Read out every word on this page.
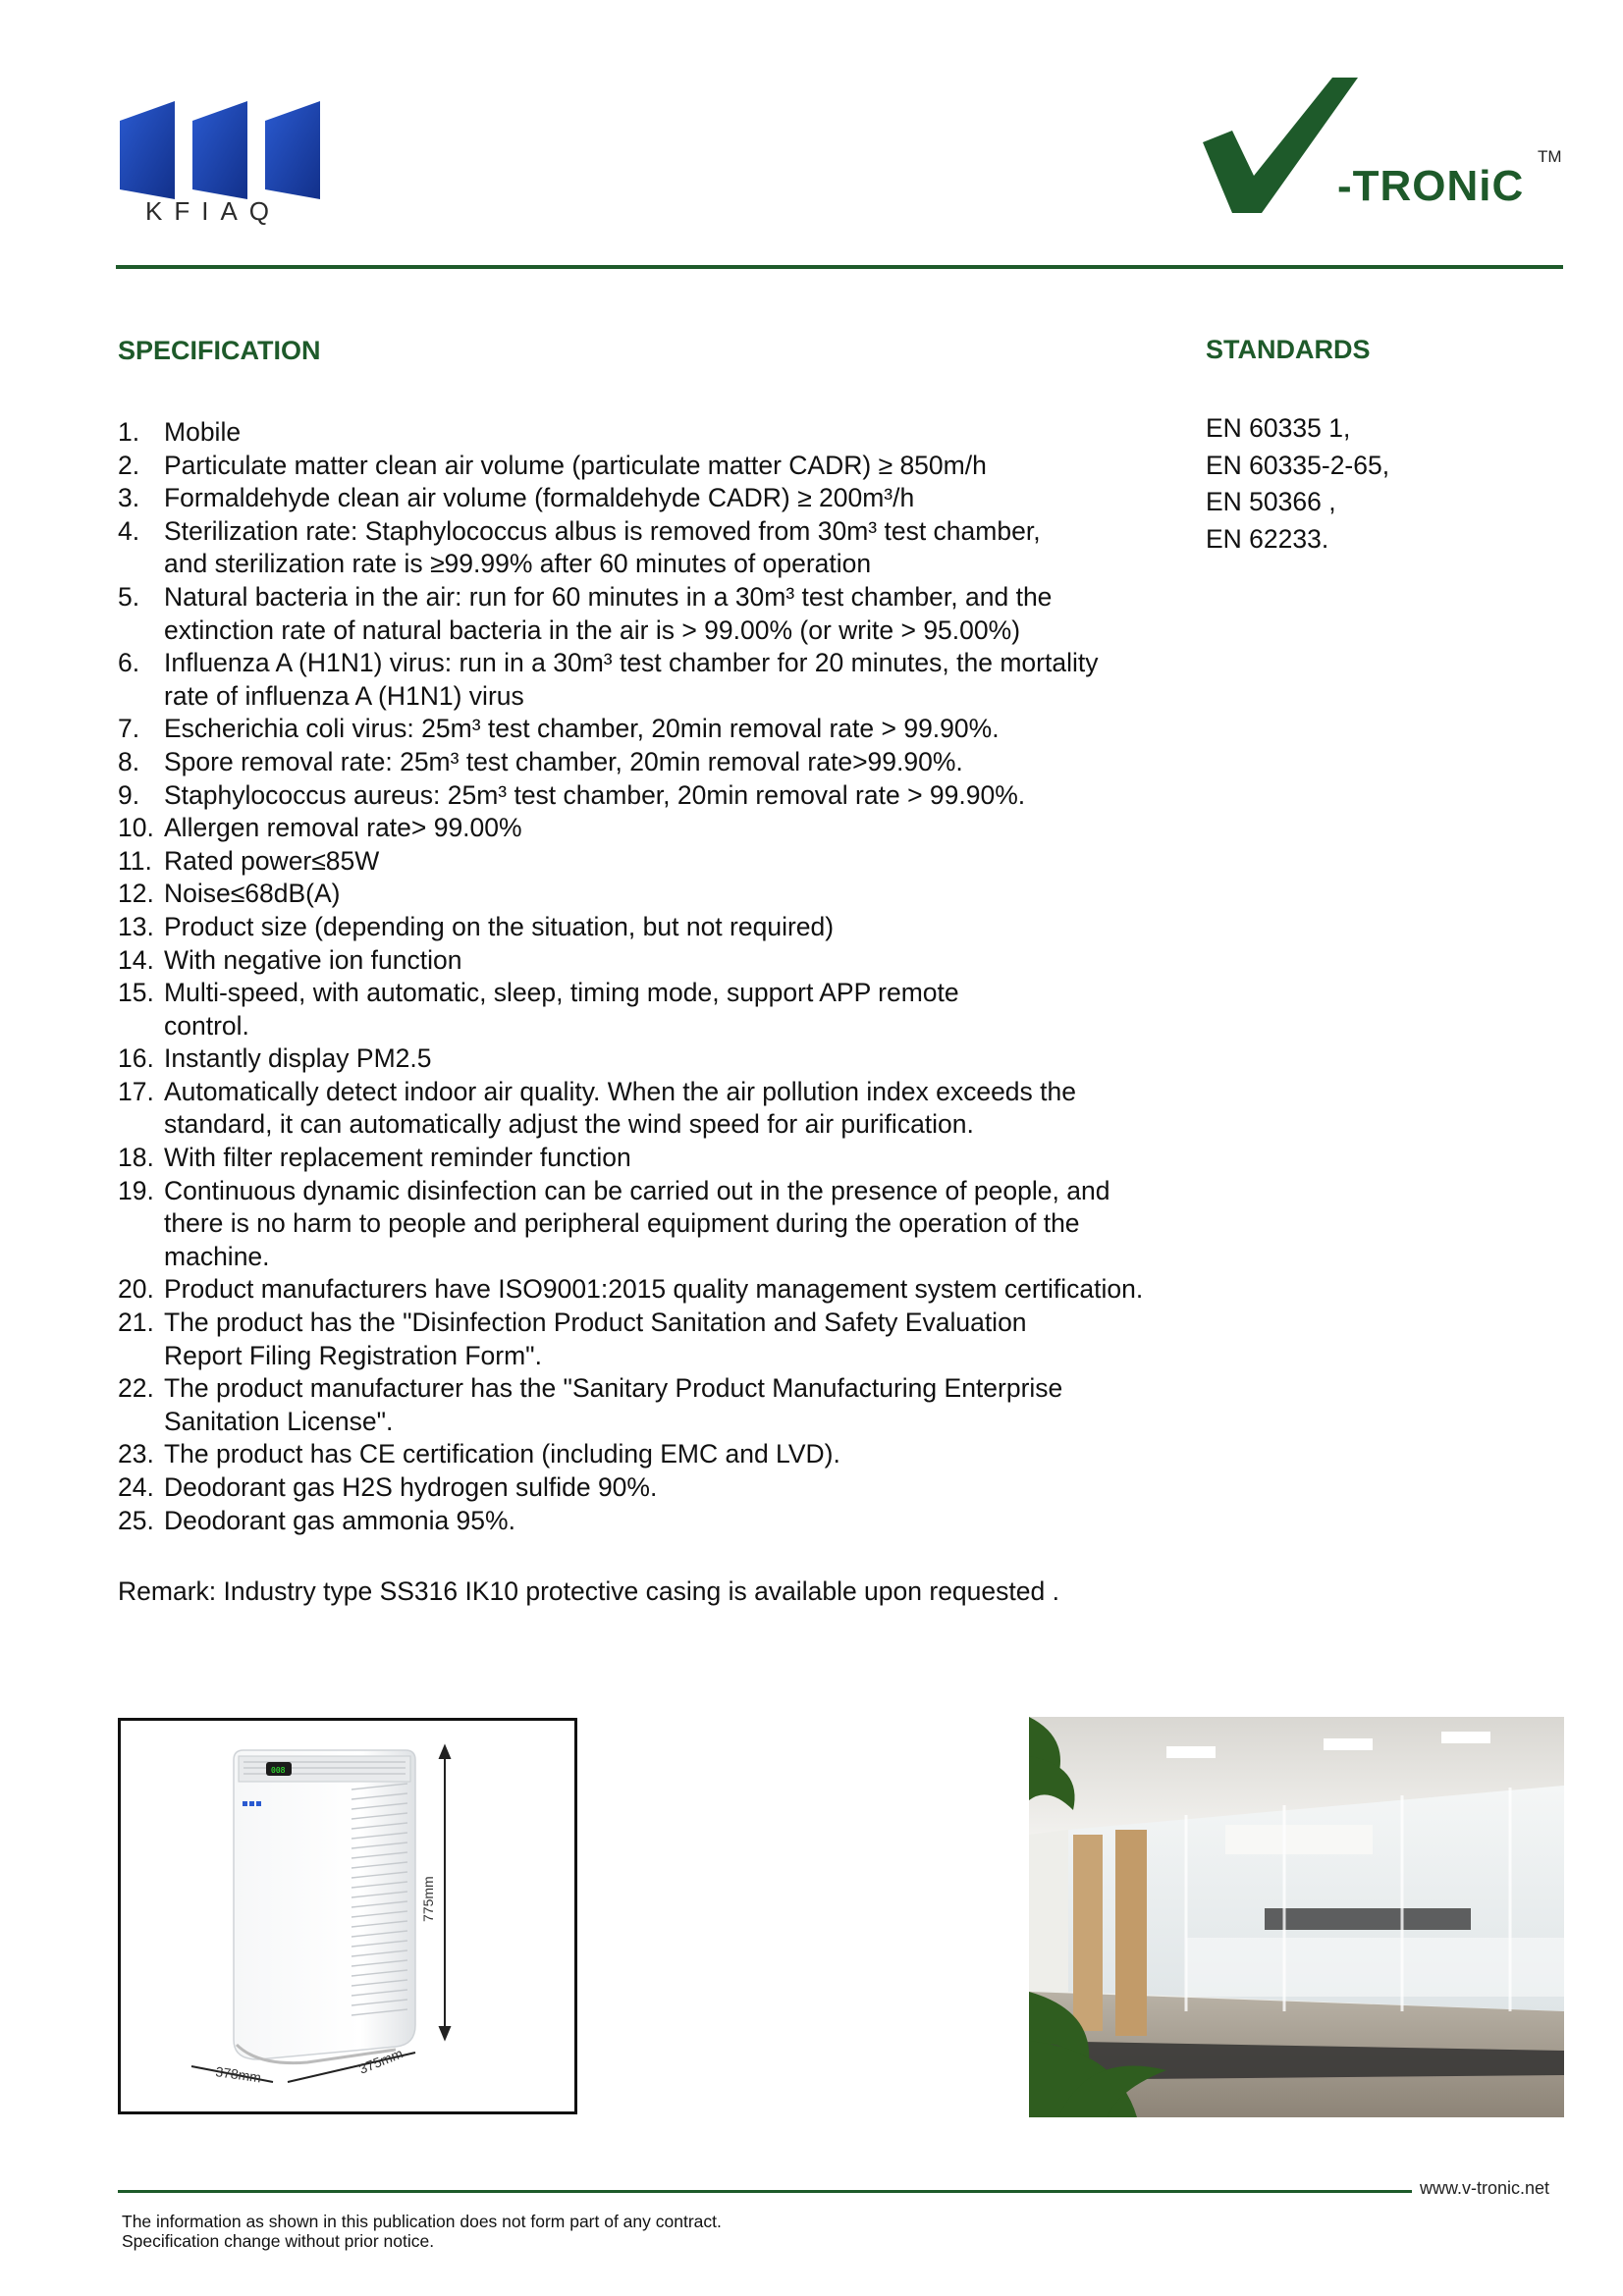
KFIAQ
-TRONiC
TM
SPECIFICATION	STANDARDS
1. Mobile
2. Particulate matter clean air volume (particulate matter CADR) ≥ 850m/h
3. Formaldehyde clean air volume (formaldehyde CADR) ≥ 200m³/h
4. Sterilization rate: Staphylococcus albus is removed from 30m³ test chamber,
and sterilization rate is ≥99.99% after 60 minutes of operation
5. Natural bacteria in the air: run for 60 minutes in a 30m³ test chamber, and the
extinction rate of natural bacteria in the air is > 99.00% (or write > 95.00%)
6. Influenza A (H1N1) virus: run in a 30m³ test chamber for 20 minutes, the mortality
rate of influenza A (H1N1) virus
7. Escherichia coli virus: 25m³ test chamber, 20min removal rate > 99.90%.
8. Spore removal rate: 25m³ test chamber, 20min removal rate>99.90%.
9. Staphylococcus aureus: 25m³ test chamber, 20min removal rate > 99.90%.
10. Allergen removal rate> 99.00%
11. Rated power≤85W
12. Noise≤68dB(A)
13. Product size (depending on the situation, but not required)
14. With negative ion function
15. Multi-speed, with automatic, sleep, timing mode, support APP remote
control.
16. Instantly display PM2.5
17. Automatically detect indoor air quality. When the air pollution index exceeds the
standard, it can automatically adjust the wind speed for air purification.
18. With filter replacement reminder function
19. Continuous dynamic disinfection can be carried out in the presence of people, and
there is no harm to people and peripheral equipment during the operation of the
machine.
20. Product manufacturers have ISO9001:2015 quality management system certification.
21. The product has the "Disinfection Product Sanitation and Safety Evaluation
Report Filing Registration Form".
22. The product manufacturer has the "Sanitary Product Manufacturing Enterprise
Sanitation License".
23. The product has CE certification (including EMC and LVD).
24. Deodorant gas H2S hydrogen sulfide 90%.
25. Deodorant gas ammonia 95%.
EN 60335 1,
EN 60335-2-65,
EN 50366 ,
EN 62233.
Remark: Industry type SS316 IK10 protective casing is available upon requested .
008
775mm
378mm	375mm
www.v-tronic.net
The information as shown in this publication does not form part of any contract.
Specification change without prior notice.
